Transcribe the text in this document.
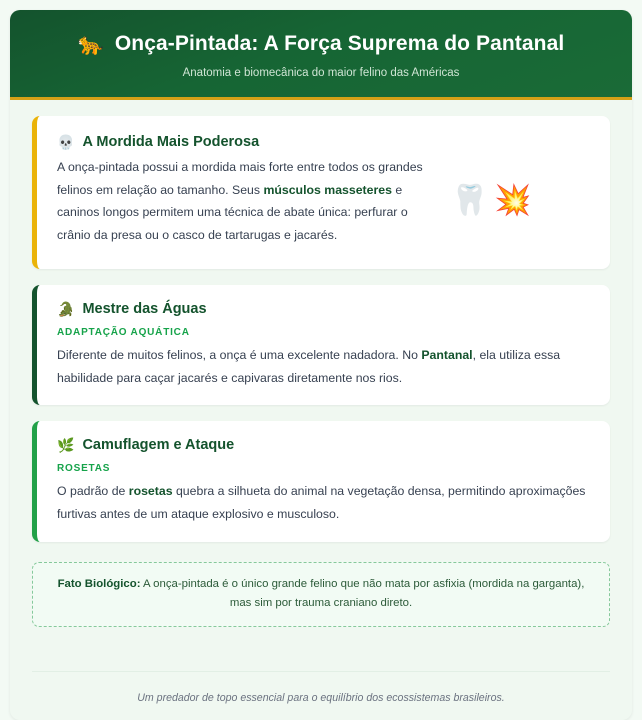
🐆 Onça-Pintada: A Força Suprema do Pantanal
Anatomia e biomecânica do maior felino das Américas
💀 A Mordida Mais Poderosa

A onça-pintada possui a mordida mais forte entre todos os grandes felinos em relação ao tamanho. Seus músculos masseteres e caninos longos permitem uma técnica de abate única: perfurar o crânio da presa ou o casco de tartarugas e jacarés.

🦷 💥
🐊 Mestre das Águas
ADAPTAÇÃO AQUÁTICA

Diferente de muitos felinos, a onça é uma excelente nadadora. No Pantanal, ela utiliza essa habilidade para caçar jacarés e capivaras diretamente nos rios.

🌿 Camuflagem e Ataque
ROSETAS

O padrão de rosetas quebra a silhueta do animal na vegetação densa, permitindo aproximações furtivas antes de um ataque explosivo e musculoso.

Fato Biológico: A onça-pintada é o único grande felino que não mata por asfixia (mordida na garganta), mas sim por trauma craniano direto.
Um predador de topo essencial para o equilíbrio dos ecossistemas brasileiros.
